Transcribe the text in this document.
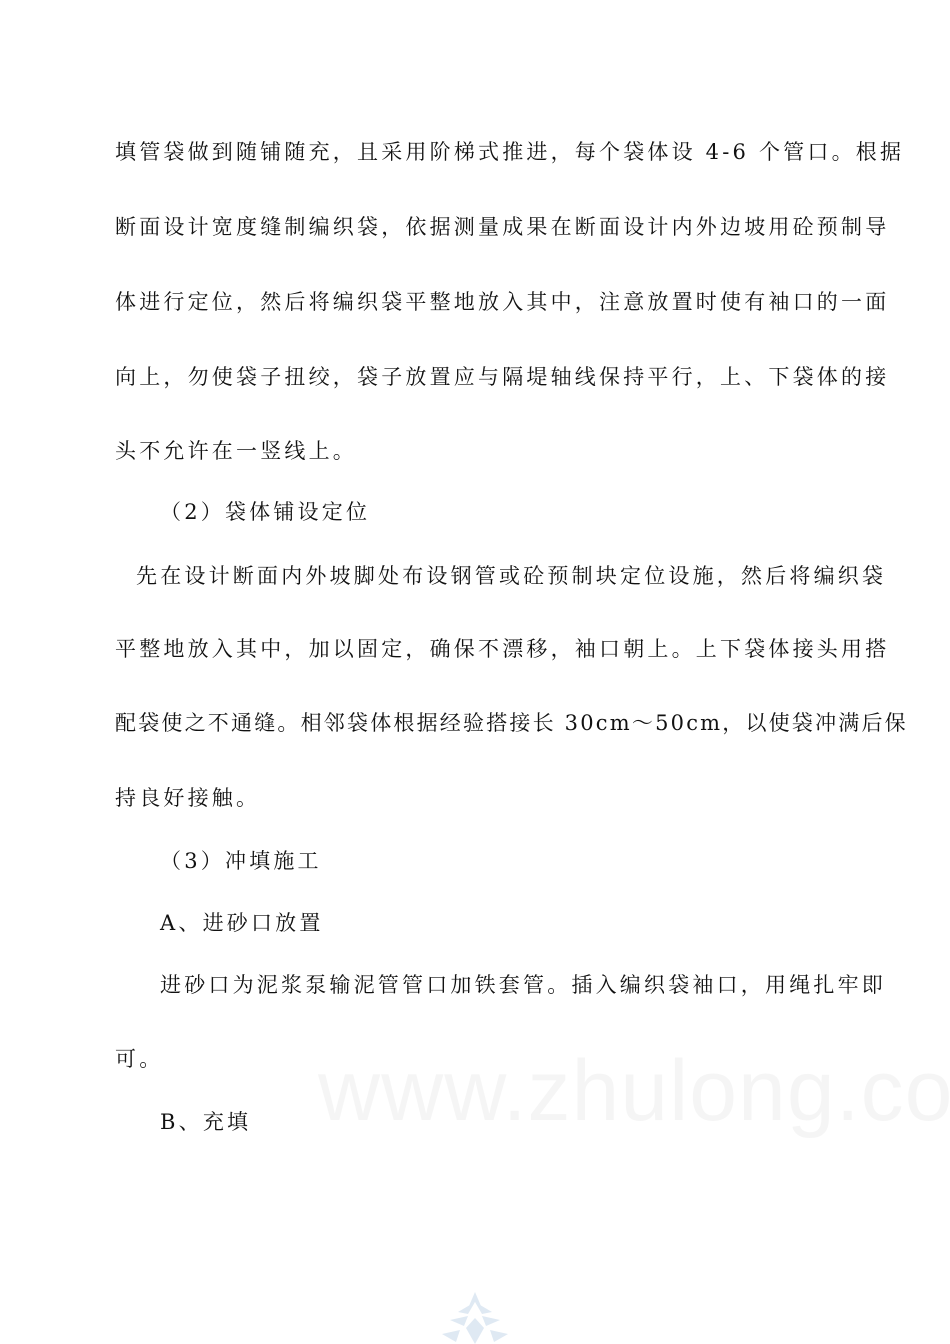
填管袋做到随铺随充，且采用阶梯式推进，每个袋体设 4-6 个管口。根据
断面设计宽度缝制编织袋，依据测量成果在断面设计内外边坡用砼预制导
体进行定位，然后将编织袋平整地放入其中，注意放置时使有袖口的一面
向上，勿使袋子扭绞，袋子放置应与隔堤轴线保持平行，上、下袋体的接
头不允许在一竖线上。
（2）袋体铺设定位
先在设计断面内外坡脚处布设钢管或砼预制块定位设施，然后将编织袋
平整地放入其中，加以固定，确保不漂移，袖口朝上。上下袋体接头用搭
配袋使之不通缝。相邻袋体根据经验搭接长 30cm～50cm，以使袋冲满后保
持良好接触。
（3）冲填施工
A、进砂口放置
进砂口为泥浆泵输泥管管口加铁套管。插入编织袋袖口，用绳扎牢即
可。
B、充填
